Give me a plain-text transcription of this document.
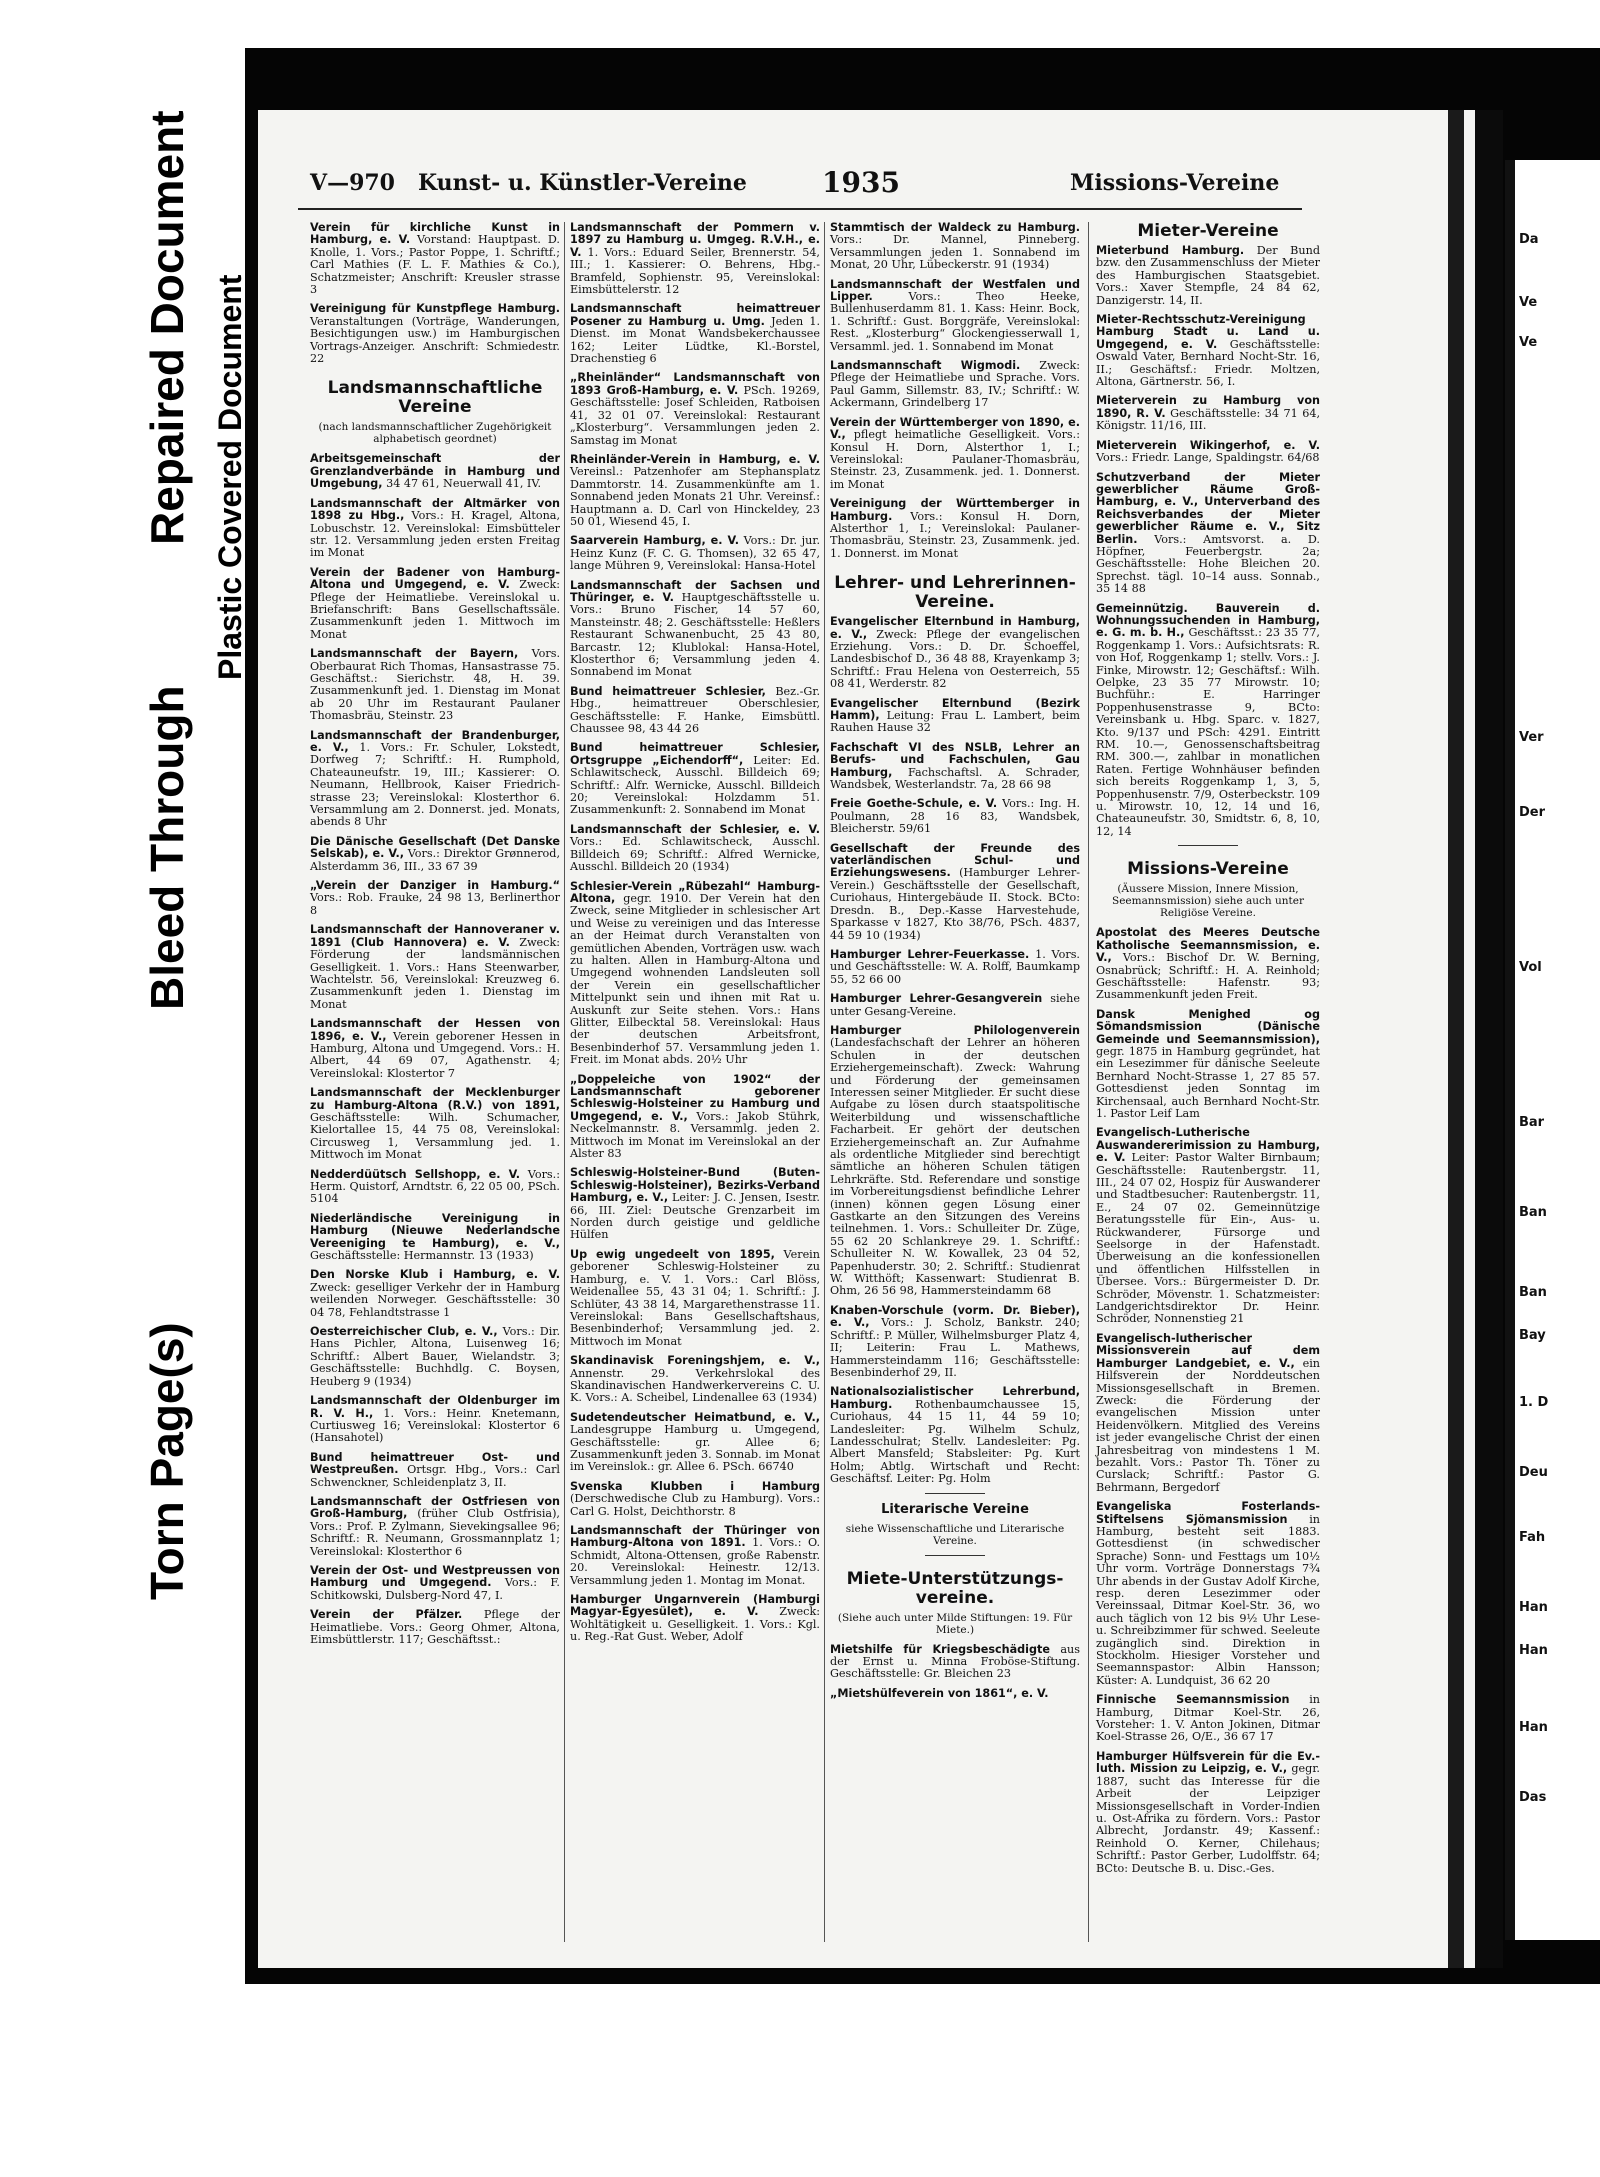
Torn Page(s)
Bleed Through
Repaired Document Plastic Covered Document
V—970 Kunst- u. Künstler-Vereine	1935	Missions-Vereine

Verein für kirchliche Kunst in Hamburg, e. V. Vorstand: Hauptpast. D. Knolle, 1. Vors.; Pastor Poppe, 1. Schriftf.; Carl Mathies (F. L. F. Mathies & Co.), Schatzmeister; Anschrift: Kreusler strasse 3

Vereinigung für Kunstpflege Hamburg. Veranstaltungen (Vorträge, Wanderungen, Besichtigungen usw.) im Hamburgischen Vortrags-Anzeiger. Anschrift: Schmiedestr. 22

Landsmannschaftliche Vereine
(nach landsmannschaftlicher Zugehörigkeit alphabetisch geordnet)

Arbeitsgemeinschaft der Grenzlandverbände in Hamburg und Umgebung, 34 47 61, Neuerwall 41, IV.

Landsmannschaft der Altmärker von 1898 zu Hbg., Vors.: H. Kragel, Altona, Lobuschstr. 12. Vereinslokal: Eimsbütteler str. 12. Versammlung jeden ersten Freitag im Monat

Verein der Badener von Hamburg-Altona und Umgegend, e. V. Zweck: Pflege der Heimatliebe. Vereinslokal u. Briefanschrift: Bans Gesellschaftssäle. Zusammenkunft jeden 1. Mittwoch im Monat

Landsmannschaft der Bayern, Vors. Oberbaurat Rich Thomas, Hansastrasse 75. Geschäftst.: Sierichstr. 48, H. 39. Zusammenkunft jed. 1. Dienstag im Monat ab 20 Uhr im Restaurant Paulaner Thomasbräu, Steinstr. 23

Landsmannschaft der Brandenburger, e. V., 1. Vors.: Fr. Schuler, Lokstedt, Dorfweg 7; Schriftf.: H. Rumphold, Chateauneufstr. 19, III.; Kassierer: O. Neumann, Hellbrook, Kaiser Friedrich-strasse 23; Vereinslokal: Klosterthor 6. Versammlung am 2. Donnerst. jed. Monats, abends 8 Uhr

Die Dänische Gesellschaft (Det Danske Selskab), e. V., Vors.: Direktor Grønnerod, Alsterdamm 36, III., 33 67 39

„Verein der Danziger in Hamburg.“ Vors.: Rob. Frauke, 24 98 13, Berlinerthor 8

Landsmannschaft der Hannoveraner v. 1891 (Club Hannovera) e. V. Zweck: Förderung der landsmännischen Geselligkeit. 1. Vors.: Hans Steenwarber, Wachtelstr. 56, Vereinslokal: Kreuzweg 6. Zusammenkunft jeden 1. Dienstag im Monat

Landsmannschaft der Hessen von 1896, e. V., Verein geborener Hessen in Hamburg, Altona und Umgegend. Vors.: H. Albert, 44 69 07, Agathenstr. 4; Vereinslokal: Klostertor 7

Landsmannschaft der Mecklenburger zu Hamburg-Altona (R.V.) von 1891, Geschäftsstelle: Wilh. Schumacher, Kielortallee 15, 44 75 08, Vereinslokal: Circusweg 1, Versammlung jed. 1. Mittwoch im Monat

Nedderdüütsch Sellshopp, e. V. Vors.: Herm. Quistorf, Arndtstr. 6, 22 05 00, PSch. 5104

Niederländische Vereinigung in Hamburg (Nieuwe Nederlandsche Vereeniging te Hamburg), e. V., Geschäftsstelle: Hermannstr. 13 (1933)

Den Norske Klub i Hamburg, e. V. Zweck: geselliger Verkehr der in Hamburg weilenden Norweger. Geschäftsstelle: 30 04 78, Fehlandtstrasse 1

Oesterreichischer Club, e. V., Vors.: Dir. Hans Pichler, Altona, Luisenweg 16; Schriftf.: Albert Bauer, Wielandstr. 3; Geschäftsstelle: Buchhdlg. C. Boysen, Heuberg 9 (1934)

Landsmannschaft der Oldenburger im R. V. H., 1. Vors.: Heinr. Knetemann, Curtiusweg 16; Vereinslokal: Klostertor 6 (Hansahotel)

Bund heimattreuer Ost- und Westpreußen. Ortsgr. Hbg., Vors.: Carl Schwenckner, Schleidenplatz 3, II.

Landsmannschaft der Ostfriesen von Groß-Hamburg, (früher Club Ostfrisia), Vors.: Prof. P. Zylmann, Sievekingsallee 96; Schriftf.: R. Neumann, Grossmannplatz 1; Vereinslokal: Klosterthor 6

Verein der Ost- und Westpreussen von Hamburg und Umgegend. Vors.: F. Schitkowski, Dulsberg-Nord 47, I.

Verein der Pfälzer. Pflege der Heimatliebe. Vors.: Georg Ohmer, Altona, Eimsbüttlerstr. 117; Geschäftsst.:

Landsmannschaft der Pommern v. 1897 zu Hamburg u. Umgeg. R.V.H., e. V. 1. Vors.: Eduard Seiler, Brennerstr. 54, III.; 1. Kassierer: O. Behrens, Hbg.-Bramfeld, Sophienstr. 95, Vereinslokal: Eimsbüttelerstr. 12

Landsmannschaft heimattreuer Posener zu Hamburg u. Umg. Jeden 1. Dienst. im Monat Wandsbekerchaussee 162; Leiter Lüdtke, Kl.-Borstel, Drachenstieg 6

„Rheinländer“ Landsmannschaft von 1893 Groß-Hamburg, e. V. PSch. 19269, Geschäftsstelle: Josef Schleiden, Ratboisen 41, 32 01 07. Vereinslokal: Restaurant „Klosterburg“. Versammlungen jeden 2. Samstag im Monat

Rheinländer-Verein in Hamburg, e. V. Vereinsl.: Patzenhofer am Stephansplatz Dammtorstr. 14. Zusammenkünfte am 1. Sonnabend jeden Monats 21 Uhr. Vereinsf.: Hauptmann a. D. Carl von Hinckeldey, 23 50 01, Wiesend 45, I.

Saarverein Hamburg, e. V. Vors.: Dr. jur. Heinz Kunz (F. C. G. Thomsen), 32 65 47, lange Mühren 9, Vereinslokal: Hansa-Hotel

Landsmannschaft der Sachsen und Thüringer, e. V. Hauptgeschäftsstelle u. Vors.: Bruno Fischer, 14 57 60, Mansteinstr. 48; 2. Geschäftsstelle: Heßlers Restaurant Schwanenbucht, 25 43 80, Barcastr. 12; Klublokal: Hansa-Hotel, Klosterthor 6; Versammlung jeden 4. Sonnabend im Monat

Bund heimattreuer Schlesier, Bez.-Gr. Hbg., heimattreuer Oberschlesier, Geschäftsstelle: F. Hanke, Eimsbüttl. Chaussee 98, 43 44 26

Bund heimattreuer Schlesier, Ortsgruppe „Eichendorff“, Leiter: Ed. Schlawitscheck, Ausschl. Billdeich 69; Schriftf.: Alfr. Wernicke, Ausschl. Billdeich 20; Vereinslokal: Holzdamm 51. Zusammenkunft: 2. Sonnabend im Monat

Landsmannschaft der Schlesier, e. V. Vors.: Ed. Schlawitscheck, Ausschl. Billdeich 69; Schriftf.: Alfred Wernicke, Ausschl. Billdeich 20 (1934)

Schlesier-Verein „Rübezahl“ Hamburg-Altona, gegr. 1910. Der Verein hat den Zweck, seine Mitglieder in schlesischer Art und Weise zu vereinigen und das Interesse an der Heimat durch Veranstalten von gemütlichen Abenden, Vorträgen usw. wach zu halten. Allen in Hamburg-Altona und Umgegend wohnenden Landsleuten soll der Verein ein gesellschaftlicher Mittelpunkt sein und ihnen mit Rat u. Auskunft zur Seite stehen. Vors.: Hans Glitter, Eilbecktal 58. Vereinslokal: Haus der deutschen Arbeitsfront, Besenbinderhof 57. Versammlung jeden 1. Freit. im Monat abds. 20½ Uhr

„Doppeleiche von 1902“ der Landsmannschaft geborener Schleswig-Holsteiner zu Hamburg und Umgegend, e. V., Vors.: Jakob Stührk, Neckelmannstr. 8. Versammlg. jeden 2. Mittwoch im Monat im Vereinslokal an der Alster 83

Schleswig-Holsteiner-Bund (Buten-Schleswig-Holsteiner), Bezirks-Verband Hamburg, e. V., Leiter: J. C. Jensen, Isestr. 66, III. Ziel: Deutsche Grenzarbeit im Norden durch geistige und geldliche Hülfen

Up ewig ungedeelt von 1895, Verein geborener Schleswig-Holsteiner zu Hamburg, e. V. 1. Vors.: Carl Blöss, Weidenallee 55, 43 31 04; 1. Schriftf.: J. Schlüter, 43 38 14, Margarethenstrasse 11. Vereinslokal: Bans Gesellschaftshaus, Besenbinderhof; Versammlung jed. 2. Mittwoch im Monat

Skandinavisk Foreningshjem, e. V., Annenstr. 29. Verkehrslokal des Skandinavischen Handwerkervereins C. U. K. Vors.: A. Scheibel, Lindenallee 63 (1934)

Sudetendeutscher Heimatbund, e. V., Landesgruppe Hamburg u. Umgegend, Geschäftsstelle: gr. Allee 6; Zusammenkunft jeden 3. Sonnab. im Monat im Vereinslok.: gr. Allee 6. PSch. 66740

Svenska Klubben i Hamburg (Derschwedische Club zu Hamburg). Vors.: Carl G. Holst, Deichthorstr. 8

Landsmannschaft der Thüringer von Hamburg-Altona von 1891. 1. Vors.: O. Schmidt, Altona-Ottensen, große Rabenstr. 20. Vereinslokal: Heinestr. 12/13. Versammlung jeden 1. Montag im Monat.

Hamburger Ungarnverein (Hamburgi Magyar-Egyesület), e. V. Zweck: Wohltätigkeit u. Geselligkeit. 1. Vors.: Kgl. u. Reg.-Rat Gust. Weber, Adolf

Stammtisch der Waldeck zu Hamburg. Vors.: Dr. Mannel, Pinneberg. Versammlungen jeden 1. Sonnabend im Monat, 20 Uhr, Lübeckerstr. 91 (1934)

Landsmannschaft der Westfalen und Lipper.	Vors.: Theo Heeke, Bullenhuserdamm 81. 1. Kass: Heinr. Bock, 1. Schriftf.: Gust. Borggräfe, Vereinslokal: Rest. „Klosterburg“ Glockengiesserwall 1, Versamml. jed. 1. Sonnabend im Monat

Landsmannschaft Wigmodi. Zweck: Pflege der Heimatliebe und Sprache. Vors. Paul Gamm, Sillemstr. 83, IV.; Schriftf.: W. Ackermann, Grindelberg 17

Verein der Württemberger von 1890, e. V., pflegt heimatliche Geselligkeit. Vors.: Konsul H. Dorn, Alsterthor 1, I.; Vereinslokal: Paulaner-Thomasbräu, Steinstr. 23, Zusammenk. jed. 1. Donnerst. im Monat

Vereinigung der Württemberger in Hamburg. Vors.: Konsul H. Dorn, Alsterthor 1, I.; Vereinslokal: Paulaner-Thomasbräu, Steinstr. 23, Zusammenk. jed. 1. Donnerst. im Monat

Lehrer- und Lehrerinnen-Vereine.

Evangelischer Elternbund in Hamburg, e. V., Zweck: Pflege der evangelischen Erziehung. Vors.: D. Dr. Schoeffel, Landesbischof D., 36 48 88, Krayenkamp 3; Schriftf.: Frau Helena von Oesterreich, 55 08 41, Werderstr. 82

Evangelischer Elternbund (Bezirk Hamm), Leitung: Frau L. Lambert, beim Rauhen Hause 32

Fachschaft VI des NSLB, Lehrer an Berufs- und Fachschulen, Gau Hamburg, Fachschaftsl. A. Schrader, Wandsbek, Westerlandstr. 7a, 28 66 98

Freie Goethe-Schule, e. V. Vors.: Ing. H. Poulmann, 28 16 83, Wandsbek, Bleicherstr. 59/61

Gesellschaft der Freunde des vaterländischen Schul- und Erziehungswesens. (Hamburger Lehrer-Verein.) Geschäftsstelle der Gesellschaft, Curiohaus, Hintergebäude II. Stock. BCto: Dresdn. B., Dep.-Kasse Harvestehude, Sparkasse v 1827, Kto 38/76, PSch. 4837, 44 59 10 (1934)

Hamburger Lehrer-Feuerkasse. 1. Vors. und Geschäftsstelle: W. A. Rolff, Baumkamp 55, 52 66 00

Hamburger Lehrer-Gesangverein siehe unter Gesang-Vereine.

Hamburger Philologenverein (Landesfachschaft der Lehrer an höheren Schulen in der deutschen Erziehergemeinschaft). Zweck: Wahrung und Förderung der gemeinsamen Interessen seiner Mitglieder. Er sucht diese Aufgabe zu lösen durch staatspolitische Weiterbildung und wissenschaftliche Facharbeit. Er gehört der deutschen Erziehergemeinschaft an. Zur Aufnahme als ordentliche Mitglieder sind berechtigt sämtliche an höheren Schulen tätigen Lehrkräfte. Std. Referendare und sonstige im Vorbereitungsdienst befindliche Lehrer (innen) können gegen Lösung einer Gastkarte an den Sitzungen des Vereins teilnehmen. 1. Vors.: Schulleiter Dr. Züge, 55 62 20 Schlankreye 29. 1. Schriftf.: Schulleiter N. W. Kowallek, 23 04 52, Papenhuderstr. 30; 2. Schriftf.: Studienrat W. Witthöft; Kassenwart: Studienrat B. Ohm, 26 56 98, Hammersteindamm 68

Knaben-Vorschule (vorm. Dr. Bieber), e. V., Vors.: J. Scholz, Bankstr. 240; Schriftf.: P. Müller, Wilhelmsburger Platz 4, II; Leiterin: Frau L. Mathews, Hammersteindamm 116; Geschäftsstelle: Besenbinderhof 29, II.

Nationalsozialistischer Lehrerbund, Hamburg. Rothenbaumchaussee 15, Curiohaus, 44 15 11, 44 59 10; Landesleiter: Pg. Wilhelm Schulz, Landesschulrat; Stellv. Landesleiter: Pg. Albert Mansfeld; Stabsleiter: Pg. Kurt Holm; Abtlg. Wirtschaft und Recht: Geschäftsf. Leiter: Pg. Holm

Literarische Vereine
siehe Wissenschaftliche und Literarische Vereine.
Miete-Unterstützungs-vereine.
(Siehe auch unter Milde Stiftungen: 19. Für Miete.)

Mietshilfe für Kriegsbeschädigte aus der Ernst u. Minna Froböse-Stiftung. Geschäftsstelle: Gr. Bleichen 23

„Mietshülfeverein von 1861“, e. V.

Mieter-Vereine

Mieterbund Hamburg. Der Bund bzw. den Zusammenschluss der Mieter des Hamburgischen Staatsgebiet. Vors.: Xaver Stempfle, 24 84 62, Danzigerstr. 14, II.

Mieter-Rechtsschutz-Vereinigung Hamburg Stadt u. Land u. Umgegend, e. V. Geschäftsstelle: Oswald Vater, Bernhard Nocht-Str. 16, II.; Geschäftsf.: Friedr. Moltzen, Altona, Gärtnerstr. 56, I.

Mieterverein zu Hamburg von 1890, R. V. Geschäftsstelle: 34 71 64, Königstr. 11/16, III.

Mieterverein Wikingerhof, e. V. Vors.: Friedr. Lange, Spaldingstr. 64/68

Schutzverband der Mieter gewerblicher Räume Groß-Hamburg, e. V., Unterverband des Reichsverbandes der Mieter gewerblicher Räume e. V., Sitz Berlin. Vors.: Amtsvorst. a. D. Höpfner, Feuerbergstr. 2a; Geschäftsstelle: Hohe Bleichen 20. Sprechst. tägl. 10–14 auss. Sonnab., 35 14 88

Gemeinnützig. Bauverein d. Wohnungssuchenden in Hamburg, e. G. m. b. H., Geschäftsst.: 23 35 77, Roggenkamp 1. Vors.: Aufsichtsrats: R. von Hof, Roggenkamp 1; stellv. Vors.: J. Finke, Mirowstr. 12; Geschäftsf.: Wilh. Oelpke, 23 35 77 Mirowstr. 10; Buchführ.: E. Harringer Poppenhusenstrasse 9, BCto: Vereinsbank u. Hbg. Sparc. v. 1827, Kto. 9/137 und PSch: 4291. Eintritt RM. 10.—, Genossenschaftsbeitrag RM. 300.—, zahlbar in monatlichen Raten. Fertige Wohnhäuser befinden sich bereits Roggenkamp 1, 3, 5, Poppenhusenstr. 7/9, Osterbeckstr. 109 u. Mirowstr. 10, 12, 14 und 16, Chateauneufstr. 30, Smidtstr. 6, 8, 10, 12, 14

Missions-Vereine
(Äussere Mission, Innere Mission, Seemannsmission) siehe auch unter Religiöse Vereine.

Apostolat des Meeres Deutsche Katholische Seemannsmission, e. V., Vors.: Bischof Dr. W. Berning, Osnabrück; Schriftf.: H. A. Reinhold; Geschäftsstelle: Hafenstr. 93; Zusammenkunft jeden Freit.

Dansk Menighed og Sömandsmission (Dänische Gemeinde und Seemannsmission), gegr. 1875 in Hamburg gegründet, hat ein Lesezimmer für dänische Seeleute Bernhard Nocht-Strasse 1, 27 85 57. Gottesdienst jeden Sonntag im Kirchensaal, auch Bernhard Nocht-Str. 1. Pastor Leif Lam

Evangelisch-Lutherische Auswandererimission zu Hamburg, e. V. Leiter: Pastor Walter Birnbaum; Geschäftsstelle: Rautenbergstr. 11, III., 24 07 02, Hospiz für Auswanderer und Stadtbesucher: Rautenbergstr. 11, E., 24 07 02. Gemeinnützige Beratungsstelle für Ein-, Aus- u. Rückwanderer, Fürsorge und Seelsorge in der Hafenstadt. Überweisung an die konfessionellen und öffentlichen Hilfsstellen in Übersee. Vors.: Bürgermeister D. Dr. Schröder, Mövenstr. 1. Schatzmeister: Landgerichtsdirektor Dr. Heinr. Schröder, Nonnenstieg 21

Evangelisch-lutherischer Missionsverein auf dem Hamburger Landgebiet, e. V., ein Hilfsverein der Norddeutschen Missionsgesellschaft in Bremen. Zweck: die Förderung der evangelischen Mission unter Heidenvölkern. Mitglied des Vereins ist jeder evangelische Christ der einen Jahresbeitrag von mindestens 1 M. bezahlt. Vors.: Pastor Th. Töner zu Curslack; Schriftf.: Pastor G. Behrmann, Bergedorf

Evangeliska Fosterlands-Stiftelsens Sjömansmission in Hamburg, besteht seit 1883. Gottesdienst (in schwedischer Sprache) Sonn- und Festtags um 10½ Uhr vorm. Vorträge Donnerstags 7¾ Uhr abends in der Gustav Adolf Kirche, resp. deren Lesezimmer oder Vereinssaal, Ditmar Koel-Str. 36, wo auch täglich von 12 bis 9½ Uhr Lese- u. Schreibzimmer für schwed. Seeleute zugänglich sind. Direktion in Stockholm. Hiesiger Vorsteher und Seemannspastor: Albin Hansson; Küster: A. Lundquist, 36 62 20

Finnische Seemannsmission in Hamburg, Ditmar Koel-Str. 26, Vorsteher: 1. V. Anton Jokinen, Ditmar Koel-Strasse 26, O/E., 36 67 17

Hamburger Hülfsverein für die Ev.-luth. Mission zu Leipzig, e. V., gegr. 1887, sucht das Interesse für die Arbeit der Leipziger Missionsgesellschaft in Vorder-Indien u. Ost-Afrika zu fördern. Vors.: Pastor Albrecht, Jordanstr. 49; Kassenf.: Reinhold O. Kerner, Chilehaus; Schriftf.: Pastor Gerber, Ludolffstr. 64; BCto: Deutsche B. u. Disc.-Ges.

Da
Ve
Ve
Ver
Der
Vol
Bar
Ban
Ban
Bay
1. D
Deu
Fah
Han
Han
Han
Das
